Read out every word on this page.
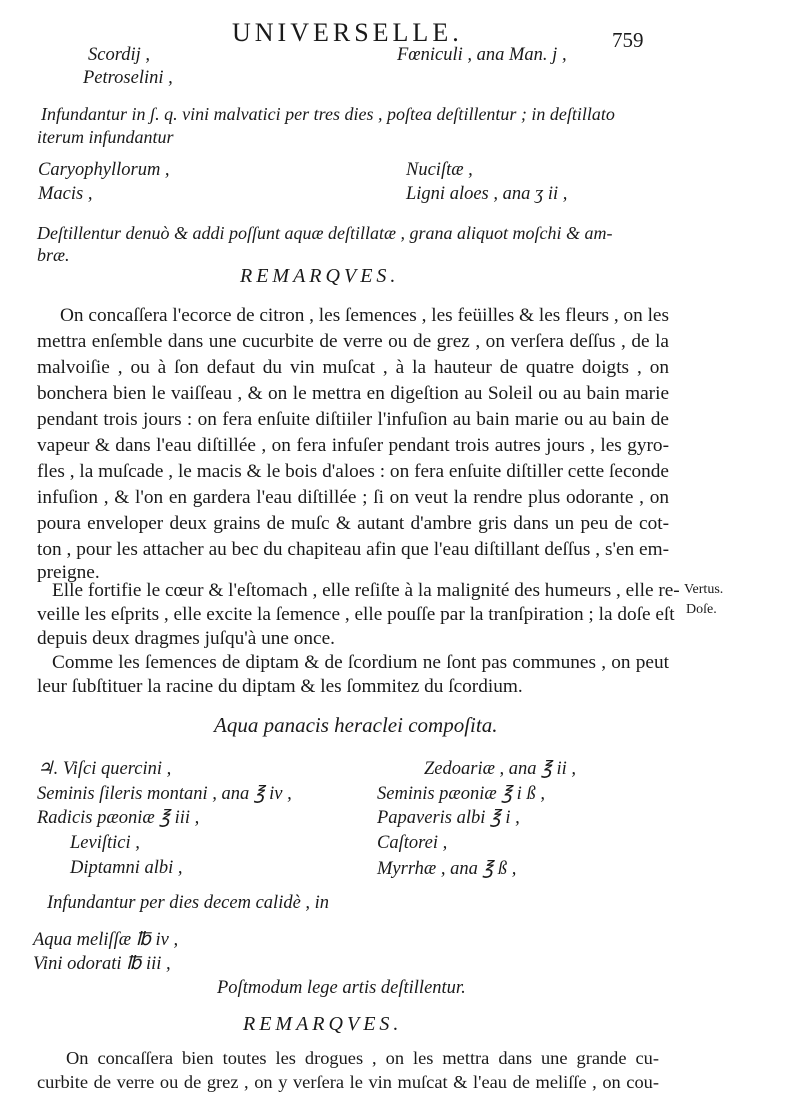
UNIVERSELLE.	759
Scordij ,
Petroselini ,
Fœniculi , ana Man. j ,
Infundantur in ʃ. q. vini malvatici per tres dies , poſtea deſtillentur ; in deſtillato
iterum infundantur
Caryophyllorum ,
Macis ,
Nuciſtæ ,
Ligni aloes , ana ʒ ii ,
Deſtillentur denuò & addi poſſunt aquæ deſtillatæ , grana aliquot moſchi & am-
bræ.
REMARQVES.
On concaſſera l'ecorce de citron , les ſemences , les feüilles & les fleurs , on les
mettra enſemble dans une cucurbite de verre ou de grez , on verſera deſſus , de la
malvoiſie , ou à ſon defaut du vin muſcat , à la hauteur de quatre doigts , on
bonchera bien le vaiſſeau , & on le mettra en digeſtion au Soleil ou au bain marie
pendant trois jours : on fera enſuite diſtiiler l'infuſion au bain marie ou au bain de
vapeur & dans l'eau diſtillée , on fera infuſer pendant trois autres jours , les gyro-
fles , la muſcade , le macis & le bois d'aloes : on fera enſuite diſtiller cette ſeconde
infuſion , & l'on en gardera l'eau diſtillée ; ſi on veut la rendre plus odorante , on
poura enveloper deux grains de muſc & autant d'ambre gris dans un peu de cot-
ton , pour les attacher au bec du chapiteau afin que l'eau diſtillant deſſus , s'en em-
preigne.
Elle fortifie le cœur & l'eſtomach , elle reſiſte à la malignité des humeurs , elle re-
veille les eſprits , elle excite la ſemence , elle pouſſe par la tranſpiration ; la doſe eſt
depuis deux dragmes juſqu'à une once.
Comme les ſemences de diptam & de ſcordium ne ſont pas communes , on peut
leur ſubſtituer la racine du diptam & les ſommitez du ſcordium.
Vertus.
Doſe.
Aqua panacis heraclei compoſita.
♃. Viſci quercini ,
Seminis ſileris montani , ana ℥ iv ,
Radicis pæoniæ ℥ iii ,
Leviſtici ,
Diptamni albi ,
Zedoariæ , ana ℥ ii ,
Seminis pæoniæ ℥ i ß ,
Papaveris albi ℥ i ,
Caſtorei ,
Myrrhæ , ana ℥ ß ,
Infundantur per dies decem calidè , in
Aqua meliſſæ ℔ iv ,
Vini odorati ℔ iii ,
Poſtmodum lege artis deſtillentur.
REMARQVES.
On concaſſera bien toutes les drogues , on les mettra dans une grande cu-
curbite de verre ou de grez , on y verſera le vin muſcat & l'eau de meliſſe , on cou-
